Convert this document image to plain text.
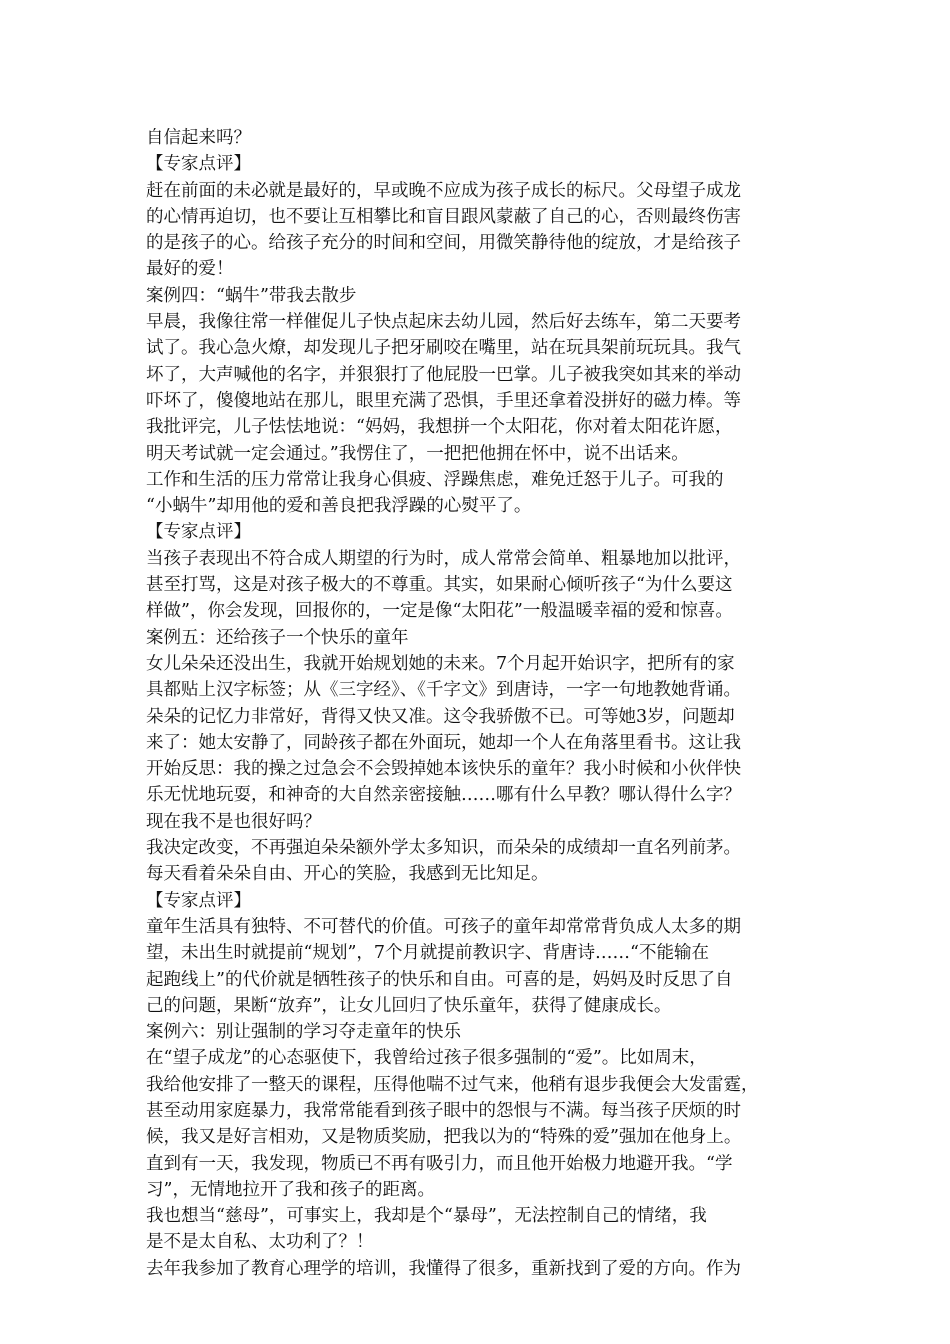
自信起来吗？
【专家点评】
赶在前面的未必就是最好的，早或晚不应成为孩子成长的标尺。父母望子成龙
的心情再迫切，也不要让互相攀比和盲目跟风蒙蔽了自己的心，否则最终伤害
的是孩子的心。给孩子充分的时间和空间，用微笑静待他的绽放，才是给孩子
最好的爱！
案例四：“蜗牛”带我去散步
早晨，我像往常一样催促儿子快点起床去幼儿园，然后好去练车，第二天要考
试了。我心急火燎，却发现儿子把牙刷咬在嘴里，站在玩具架前玩玩具。我气
坏了，大声喊他的名字，并狠狠打了他屁股一巴掌。儿子被我突如其来的举动
吓坏了，傻傻地站在那儿，眼里充满了恐惧，手里还拿着没拼好的磁力棒。等
我批评完，儿子怯怯地说：“妈妈，我想拼一个太阳花，你对着太阳花许愿，
明天考试就一定会通过。”我愣住了，一把把他拥在怀中，说不出话来。
工作和生活的压力常常让我身心俱疲、浮躁焦虑，难免迁怒于儿子。可我的
“小蜗牛”却用他的爱和善良把我浮躁的心熨平了。
【专家点评】
当孩子表现出不符合成人期望的行为时，成人常常会简单、粗暴地加以批评，
甚至打骂，这是对孩子极大的不尊重。其实，如果耐心倾听孩子“为什么要这
样做”，你会发现，回报你的，一定是像“太阳花”一般温暖幸福的爱和惊喜。
案例五：还给孩子一个快乐的童年
女儿朵朵还没出生，我就开始规划她的未来。7个月起开始识字，把所有的家
具都贴上汉字标签；从《三字经》、《千字文》到唐诗，一字一句地教她背诵。
朵朵的记忆力非常好，背得又快又准。这令我骄傲不已。可等她3岁，问题却
来了：她太安静了，同龄孩子都在外面玩，她却一个人在角落里看书。这让我
开始反思：我的操之过急会不会毁掉她本该快乐的童年？我小时候和小伙伴快
乐无忧地玩耍，和神奇的大自然亲密接触……哪有什么早教？哪认得什么字？
现在我不是也很好吗？
我决定改变，不再强迫朵朵额外学太多知识，而朵朵的成绩却一直名列前茅。
每天看着朵朵自由、开心的笑脸，我感到无比知足。
【专家点评】
童年生活具有独特、不可替代的价值。可孩子的童年却常常背负成人太多的期
望，未出生时就提前“规划”，7个月就提前教识字、背唐诗……“不能输在
起跑线上”的代价就是牺牲孩子的快乐和自由。可喜的是，妈妈及时反思了自
己的问题，果断“放弃”，让女儿回归了快乐童年，获得了健康成长。
案例六：别让强制的学习夺走童年的快乐
在“望子成龙”的心态驱使下，我曾给过孩子很多强制的“爱”。比如周末，
我给他安排了一整天的课程，压得他喘不过气来，他稍有退步我便会大发雷霆，
甚至动用家庭暴力，我常常能看到孩子眼中的怨恨与不满。每当孩子厌烦的时
候，我又是好言相劝，又是物质奖励，把我以为的“特殊的爱”强加在他身上。
直到有一天，我发现，物质已不再有吸引力，而且他开始极力地避开我。“学
习”，无情地拉开了我和孩子的距离。
我也想当“慈母”，可事实上，我却是个“暴母”，无法控制自己的情绪，我
是不是太自私、太功利了？！
去年我参加了教育心理学的培训，我懂得了很多，重新找到了爱的方向。作为
